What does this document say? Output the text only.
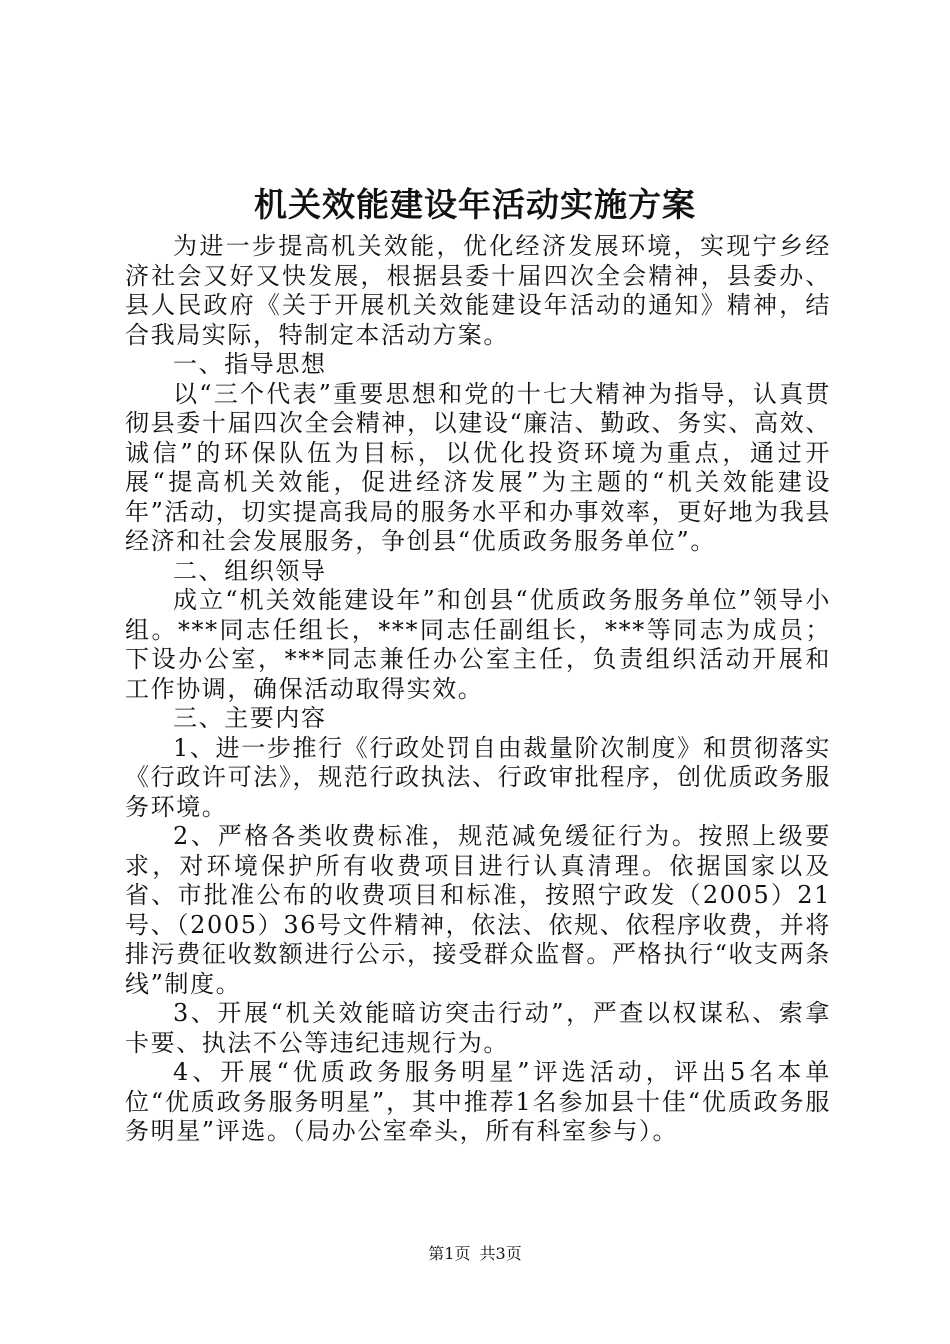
机关效能建设年活动实施方案

为进一步提高机关效能，优化经济发展环境，实现宁乡经济社会又好又快发展，根据县委十届四次全会精神，县委办、县人民政府《关于开展机关效能建设年活动的通知》精神，结合我局实际，特制定本活动方案。

一、指导思想

以“三个代表”重要思想和党的十七大精神为指导，认真贯彻县委十届四次全会精神，以建设“廉洁、勤政、务实、高效、诚信”的环保队伍为目标，以优化投资环境为重点，通过开展“提高机关效能，促进经济发展”为主题的“机关效能建设年”活动，切实提高我局的服务水平和办事效率，更好地为我县经济和社会发展服务，争创县“优质政务服务单位”。

二、组织领导

成立“机关效能建设年”和创县“优质政务服务单位”领导小组。***同志任组长，***同志任副组长，***等同志为成员；下设办公室，***同志兼任办公室主任，负责组织活动开展和工作协调，确保活动取得实效。

三、主要内容

1、进一步推行《行政处罚自由裁量阶次制度》和贯彻落实《行政许可法》，规范行政执法、行政审批程序，创优质政务服务环境。

2、严格各类收费标准，规范减免缓征行为。按照上级要求，对环境保护所有收费项目进行认真清理。依据国家以及省、市批准公布的收费项目和标准，按照宁政发（2005）21号、（2005）36号文件精神，依法、依规、依程序收费，并将排污费征收数额进行公示，接受群众监督。严格执行“收支两条线”制度。

3、开展“机关效能暗访突击行动”，严查以权谋私、索拿卡要、执法不公等违纪违规行为。

4、开展“优质政务服务明星”评选活动，评出5名本单位“优质政务服务明星”，其中推荐1名参加县十佳“优质政务服务明星”评选。（局办公室牵头，所有科室参与）。

第1页 共3页
